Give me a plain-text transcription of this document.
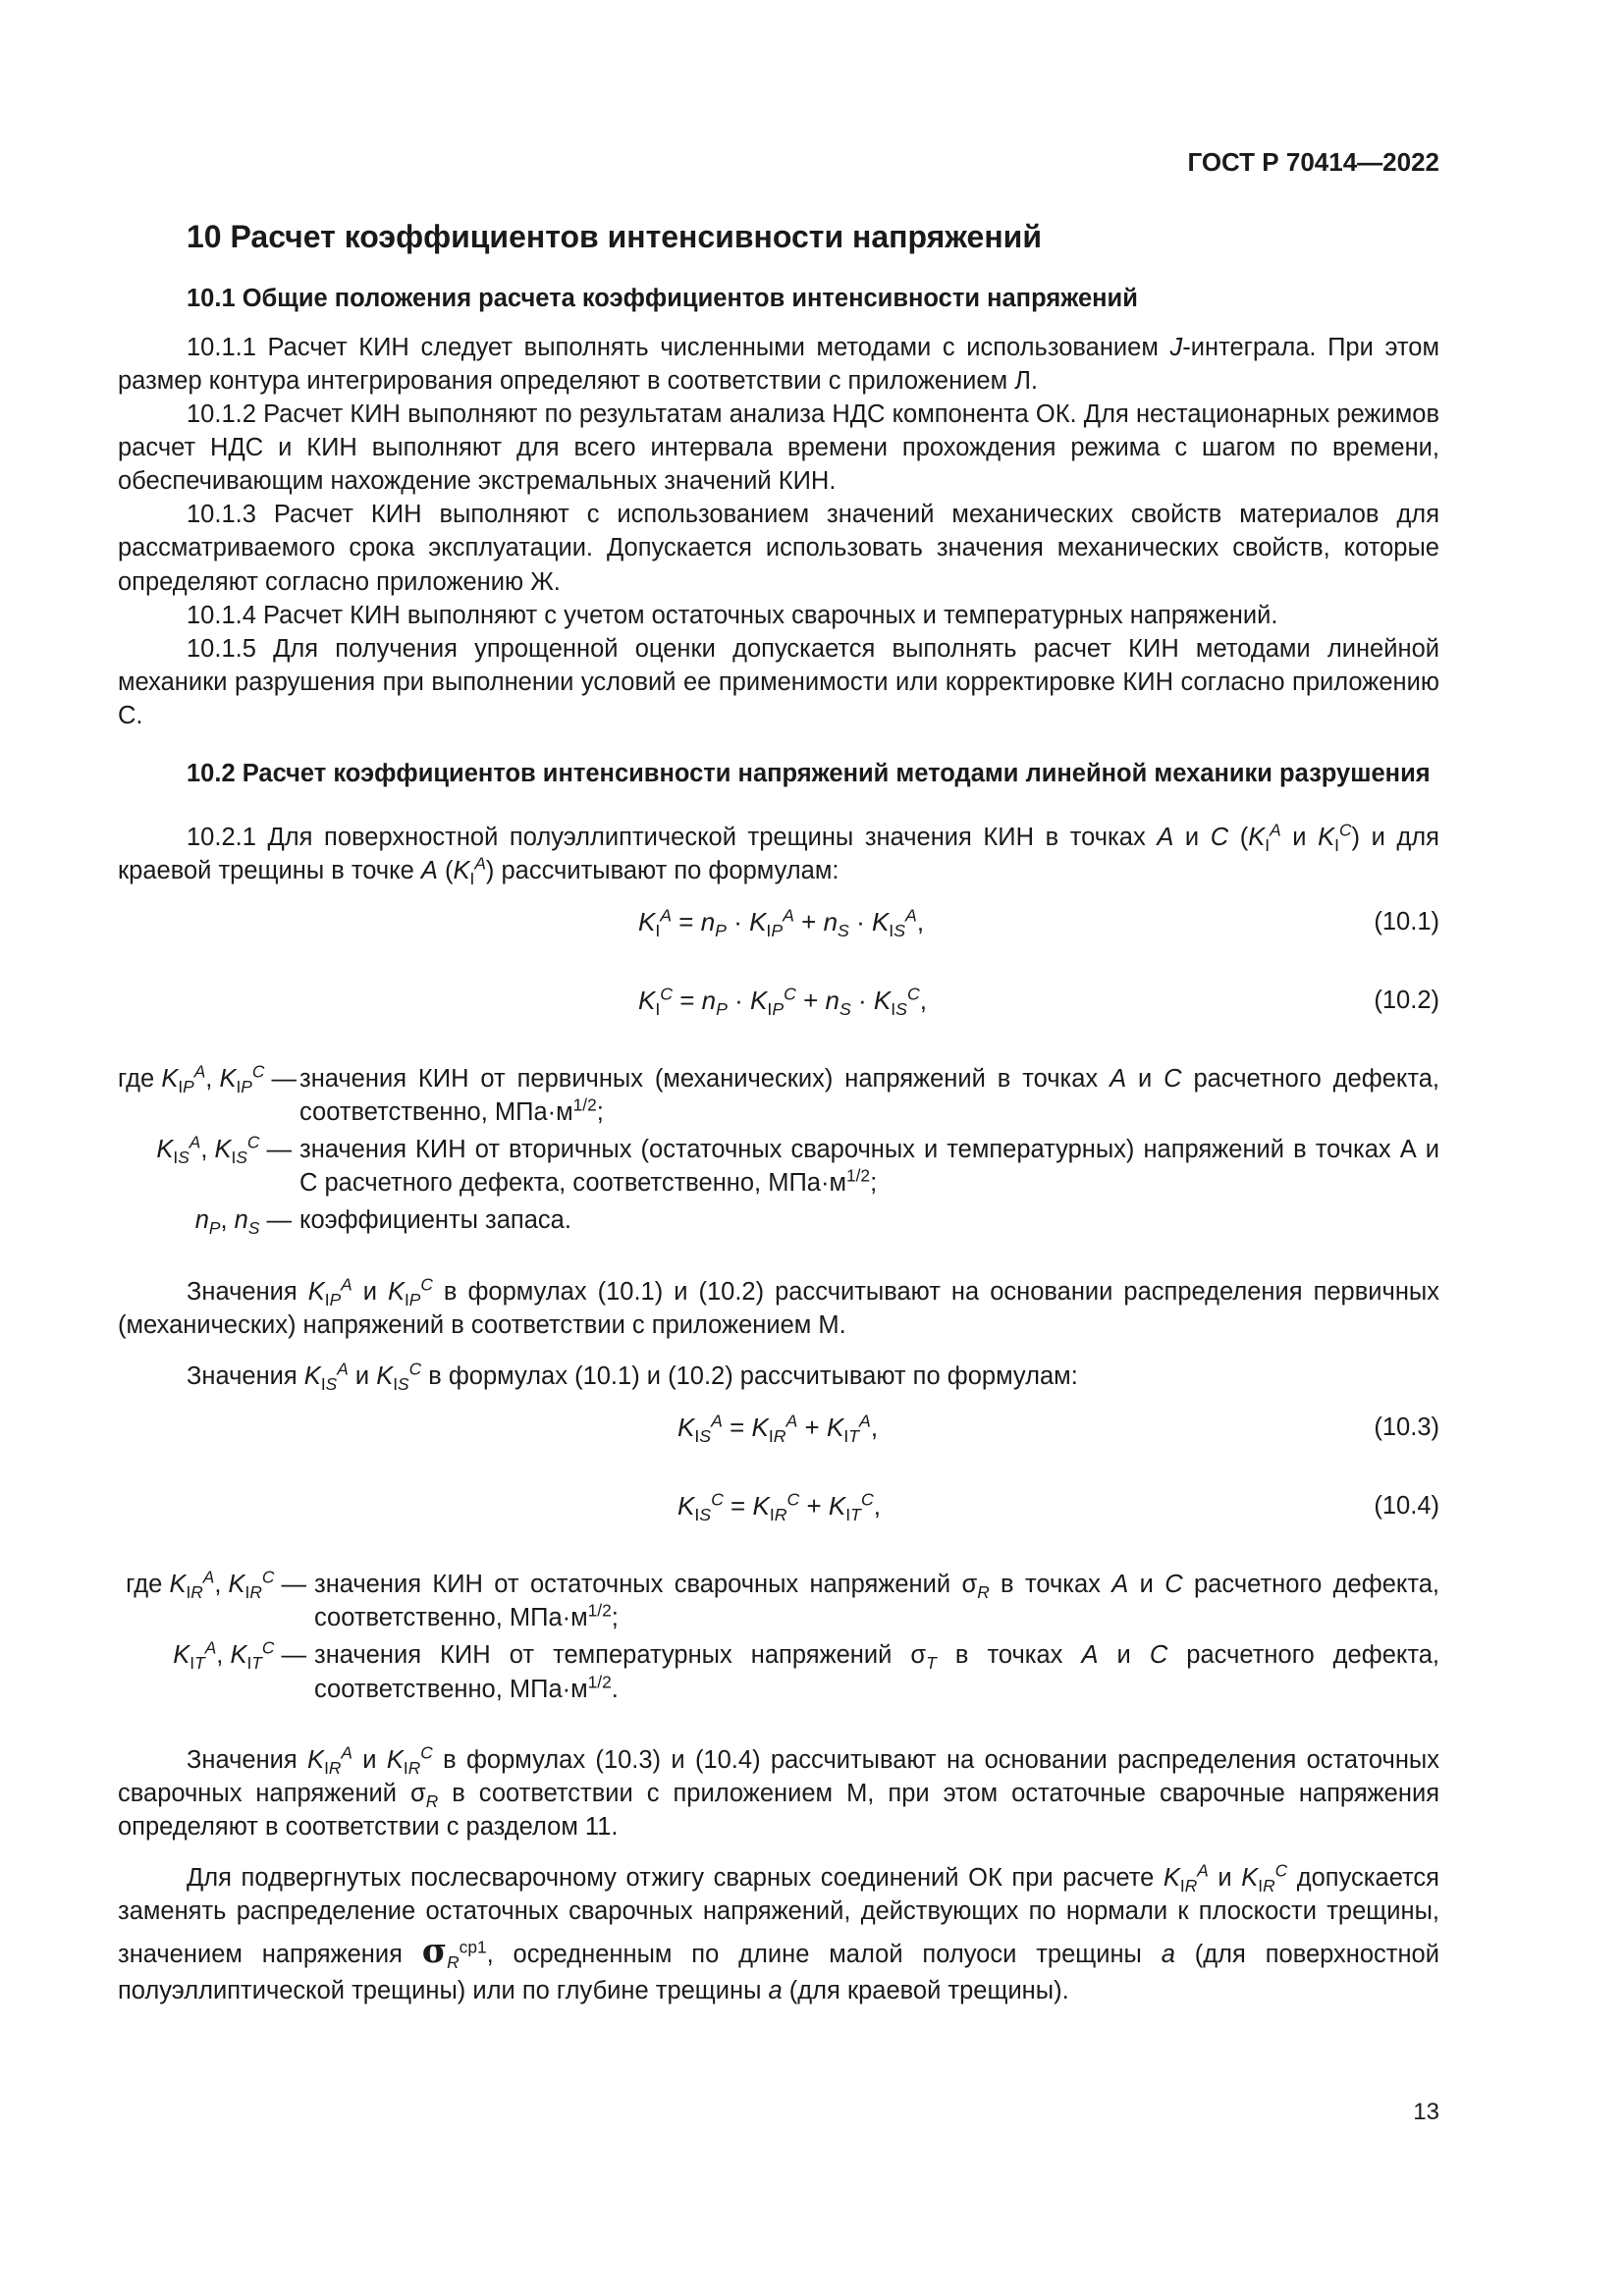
ГОСТ Р 70414—2022
10 Расчет коэффициентов интенсивности напряжений
10.1 Общие положения расчета коэффициентов интенсивности напряжений

10.1.1 Расчет КИН следует выполнять численными методами с использованием J-интеграла. При этом размер контура интегрирования определяют в соответствии с приложением Л.

10.1.2 Расчет КИН выполняют по результатам анализа НДС компонента ОК. Для нестационарных режимов расчет НДС и КИН выполняют для всего интервала времени прохождения режима с шагом по времени, обеспечивающим нахождение экстремальных значений КИН.

10.1.3 Расчет КИН выполняют с использованием значений механических свойств материалов для рассматриваемого срока эксплуатации. Допускается использовать значения механических свойств, которые определяют согласно приложению Ж.

10.1.4 Расчет КИН выполняют с учетом остаточных сварочных и температурных напряжений.

10.1.5 Для получения упрощенной оценки допускается выполнять расчет КИН методами линейной механики разрушения при выполнении условий ее применимости или корректировке КИН согласно приложению С.

10.2 Расчет коэффициентов интенсивности напряжений методами линейной механики разрушения

10.2.1 Для поверхностной полуэллиптической трещины значения КИН в точках A и C ($K_I^A$ и $K_I^C$) и для краевой трещины в точке A $(K_I^A)$ рассчитывают по формулам:

$K_I^A = n_P \cdot K_{IP}^A + n_S \cdot K_{IS}^A$,	(10.1)
$K_I^C = n_P \cdot K_{IP}^C + n_S \cdot K_{IS}^C$,	(10.2)
где $K_{IP}^A$, $K_{IP}^C$ — значения КИН от первичных (механических) напряжений в точках A и C расчетного дефекта, соответственно, $МПа\cdot м^{1/2}$;
$K_{IS}^A$, $K_{IS}^C$ — значения КИН от вторичных (остаточных сварочных и температурных) напряжений в точках А и С расчетного дефекта, соответственно, $МПа\cdot м^{1/2}$;
$n_P$, $n_S$ — коэффициенты запаса.

Значения $K_{IP}^A$ и $K_{IP}^C$ в формулах (10.1) и (10.2) рассчитывают на основании распределения первичных (механических) напряжений в соответствии с приложением М.

Значения $K_{IS}^A$ и $K_{IS}^C$ в формулах (10.1) и (10.2) рассчитывают по формулам:

$K_{IS}^A = K_{IR}^A + K_{IT}^A$,	(10.3)
$K_{IS}^C = K_{IR}^C + K_{IT}^C$,	(10.4)
где $K_{IR}^A$, $K_{IR}^C$ — значения КИН от остаточных сварочных напряжений $\sigma_R$ в точках A и C расчетного дефекта, соответственно, $МПа\cdot м^{1/2}$;
$K_{IT}^A$, $K_{IT}^C$ — значения КИН от температурных напряжений $\sigma_T$ в точках A и C расчетного дефекта, соответственно, $МПа\cdot м^{1/2}$.

Значения $K_{IR}^A$ и $K_{IR}^C$ в формулах (10.3) и (10.4) рассчитывают на основании распределения остаточных сварочных напряжений $\sigma_R$ в соответствии с приложением М, при этом остаточные сварочные напряжения определяют в соответствии с разделом 11.

Для подвергнутых послесварочному отжигу сварных соединений ОК при расчете $K_{IR}^A$ и $K_{IR}^C$ допускается заменять распределение остаточных сварочных напряжений, действующих по нормали к плоскости трещины, значением напряжения $\sigma_R^{ср1}$, осредненным по длине малой полуоси трещины a (для поверхностной полуэллиптической трещины) или по глубине трещины a (для краевой трещины).

13
